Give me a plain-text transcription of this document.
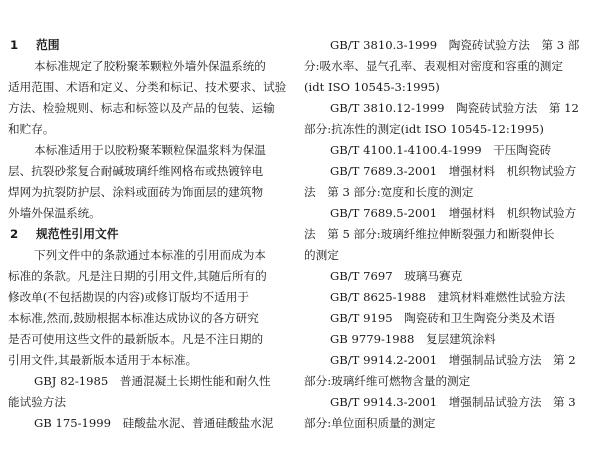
1 范围
本标准规定了胶粉聚苯颗粒外墙外保温系统的
适用范围、术语和定义、分类和标记、技术要求、试验
方法、检验规则、标志和标签以及产品的包装、运输
和贮存。
本标准适用于以胶粉聚苯颗粒保温浆料为保温
层、抗裂砂浆复合耐碱玻璃纤维网格布或热镀锌电
焊网为抗裂防护层、涂料或面砖为饰面层的建筑物
外墙外保温系统。
2 规范性引用文件
下列文件中的条款通过本标准的引用而成为本
标准的条款。凡是注日期的引用文件,其随后所有的
修改单(不包括勘误的内容)或修订版均不适用于
本标准,然而,鼓励根据本标准达成协议的各方研究
是否可使用这些文件的最新版本。凡是不注日期的
引用文件,其最新版本适用于本标准。
GBJ 82-1985　普通混凝土长期性能和耐久性
能试验方法
GB 175-1999　硅酸盐水泥、普通硅酸盐水泥
GB/T 3810.3-1999　陶瓷砖试验方法　第 3 部
分:吸水率、显气孔率、表观相对密度和容重的测定
(idt ISO 10545-3:1995)
GB/T 3810.12-1999　陶瓷砖试验方法　第 12
部分:抗冻性的测定(idt ISO 10545-12:1995)
GB/T 4100.1-4100.4-1999　干压陶瓷砖
GB/T 7689.3-2001　增强材料　机织物试验方
法　第 3 部分:宽度和长度的测定
GB/T 7689.5-2001　增强材料　机织物试验方
法　第 5 部分:玻璃纤维拉伸断裂强力和断裂伸长
的测定
GB/T 7697　玻璃马赛克
GB/T 8625-1988　建筑材料难燃性试验方法
GB/T 9195　陶瓷砖和卫生陶瓷分类及术语
GB 9779-1988　复层建筑涂料
GB/T 9914.2-2001　增强制品试验方法　第 2
部分:玻璃纤维可燃物含量的测定
GB/T 9914.3-2001　增强制品试验方法　第 3
部分:单位面积质量的测定
